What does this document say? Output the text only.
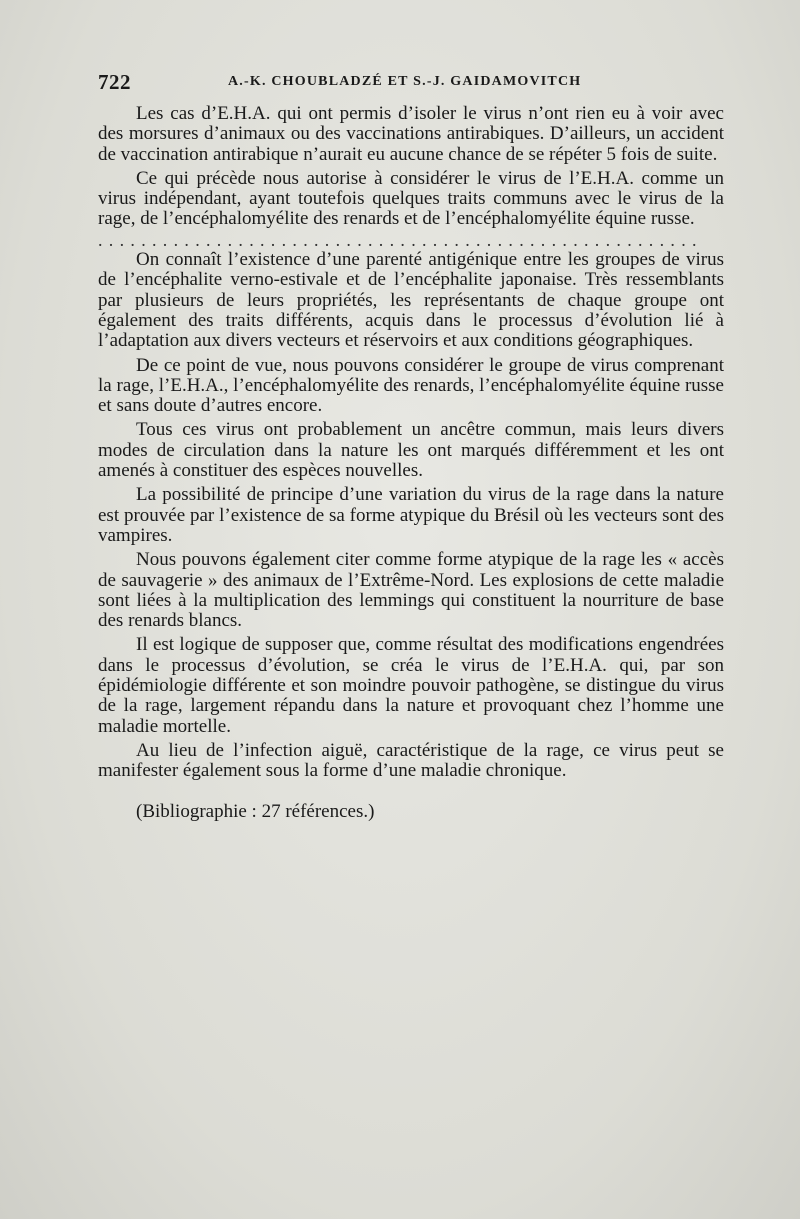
722	A.-K. CHOUBLADZÉ ET S.-J. GAIDAMOVITCH

Les cas d’E.H.A. qui ont permis d’isoler le virus n’ont rien eu à voir avec des morsures d’animaux ou des vaccinations antirabiques. D’ailleurs, un accident de vaccination antirabique n’aurait eu aucune chance de se répéter 5 fois de suite.

Ce qui précède nous autorise à considérer le virus de l’E.H.A. comme un virus indépendant, ayant toutefois quelques traits communs avec le virus de la rage, de l’encéphalomyélite des renards et de l’encéphalomyélite équine russe.

........................................................

On connaît l’existence d’une parenté antigénique entre les groupes de virus de l’encéphalite verno-estivale et de l’encéphalite japonaise. Très ressemblants par plusieurs de leurs propriétés, les représentants de chaque groupe ont également des traits différents, acquis dans le processus d’évolution lié à l’adaptation aux divers vecteurs et réservoirs et aux conditions géographiques.

De ce point de vue, nous pouvons considérer le groupe de virus comprenant la rage, l’E.H.A., l’encéphalomyélite des renards, l’encéphalomyélite équine russe et sans doute d’autres encore.

Tous ces virus ont probablement un ancêtre commun, mais leurs divers modes de circulation dans la nature les ont marqués différemment et les ont amenés à constituer des espèces nouvelles.

La possibilité de principe d’une variation du virus de la rage dans la nature est prouvée par l’existence de sa forme atypique du Brésil où les vecteurs sont des vampires.

Nous pouvons également citer comme forme atypique de la rage les « accès de sauvagerie » des animaux de l’Extrême-Nord. Les explosions de cette maladie sont liées à la multiplication des lemmings qui constituent la nourriture de base des renards blancs.

Il est logique de supposer que, comme résultat des modifications engendrées dans le processus d’évolution, se créa le virus de l’E.H.A. qui, par son épidémiologie différente et son moindre pouvoir pathogène, se distingue du virus de la rage, largement répandu dans la nature et provoquant chez l’homme une maladie mortelle.

Au lieu de l’infection aiguë, caractéristique de la rage, ce virus peut se manifester également sous la forme d’une maladie chronique.

(Bibliographie : 27 références.)
